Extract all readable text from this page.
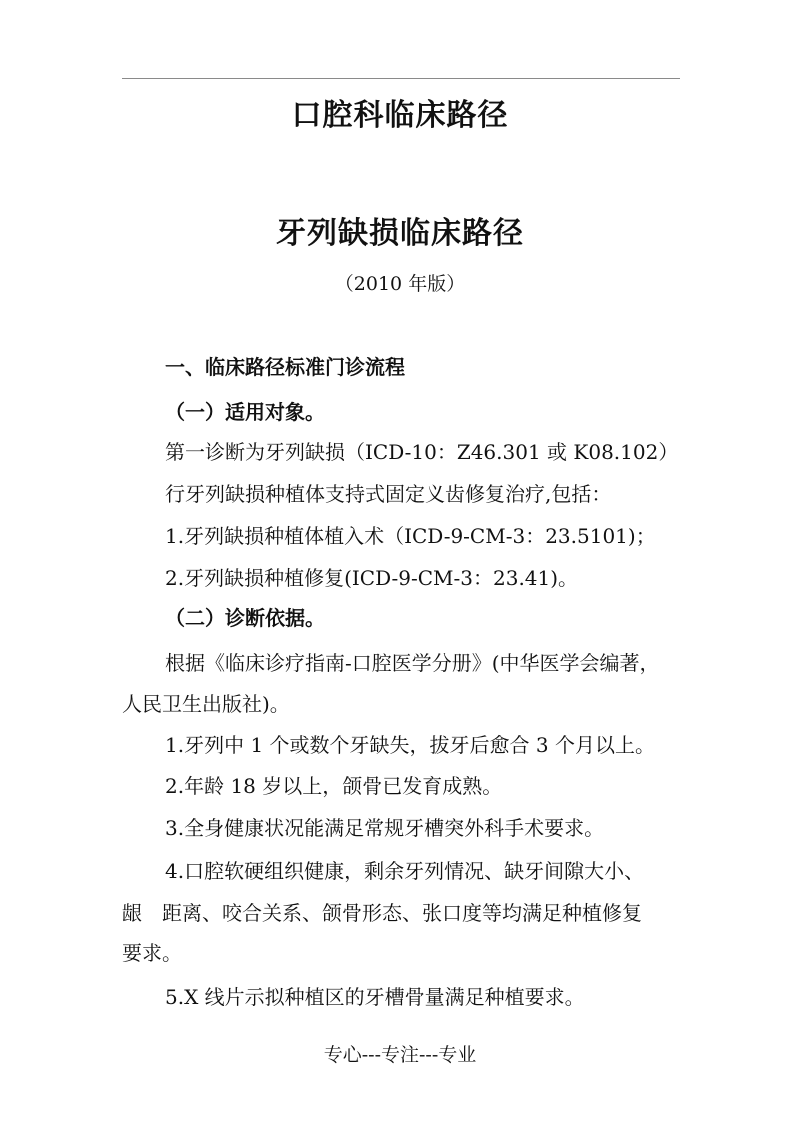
口腔科临床路径
牙列缺损临床路径
（2010 年版）
一、临床路径标准门诊流程
（一）适用对象。
第一诊断为牙列缺损（ICD-10：Z46.301 或 K08.102）
行牙列缺损种植体支持式固定义齿修复治疗,包括：
1.牙列缺损种植体植入术（ICD-9-CM-3：23.5101)；
2.牙列缺损种植修复(ICD-9-CM-3：23.41)。
（二）诊断依据。
根据《临床诊疗指南-口腔医学分册》(中华医学会编著，
人民卫生出版社)。
1.牙列中 1 个或数个牙缺失，拔牙后愈合 3 个月以上。
2.年龄 18 岁以上，颌骨已发育成熟。
3.全身健康状况能满足常规牙槽突外科手术要求。
4.口腔软硬组织健康，剩余牙列情况、缺牙间隙大小、
龈　距离、咬合关系、颌骨形态、张口度等均满足种植修复
要求。
5.X 线片示拟种植区的牙槽骨量满足种植要求。
专心---专注---专业
